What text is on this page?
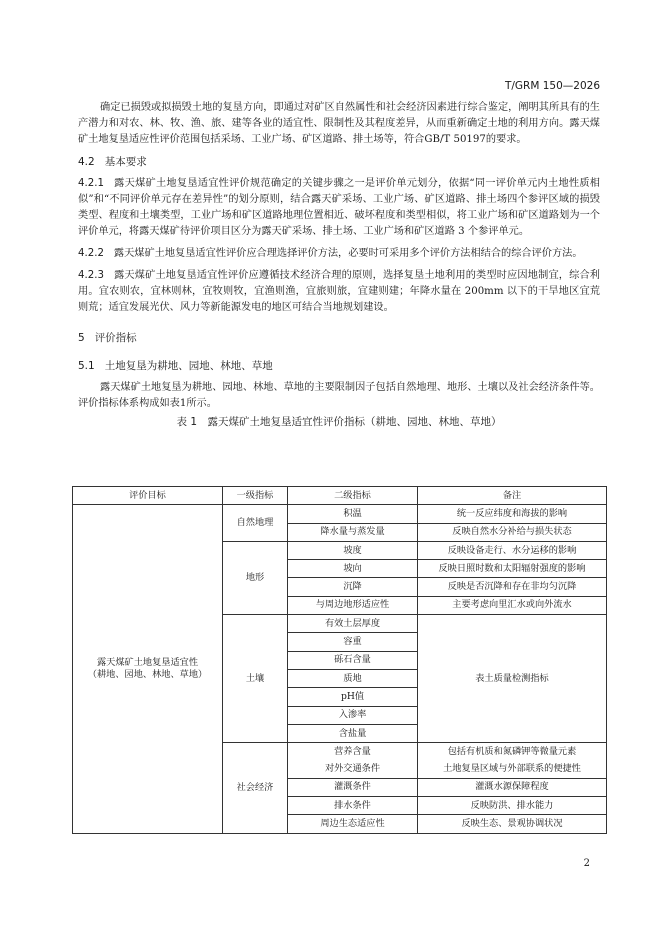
T/GRM 150—2026

确定已损毁或拟损毁土地的复垦方向，即通过对矿区自然属性和社会经济因素进行综合鉴定，阐明其所具有的生产潜力和对农、林、牧、渔、旅、建等各业的适宜性、限制性及其程度差异，从而重新确定土地的利用方向。露天煤矿土地复垦适应性评价范围包括采场、工业广场、矿区道路、排土场等，符合GB/T 50197的要求。

4.2 基本要求

4.2.1 露天煤矿土地复垦适宜性评价规范确定的关键步骤之一是评价单元划分，依据“同一评价单元内土地性质相似”和“不同评价单元存在差异性”的划分原则，结合露天矿采场、工业广场、矿区道路、排土场四个参评区域的损毁类型、程度和土壤类型，工业广场和矿区道路地理位置相近、破坏程度和类型相似，将工业广场和矿区道路划为一个评价单元，将露天煤矿待评价项目区分为露天矿采场、排土场、工业广场和矿区道路 3 个参评单元。

4.2.2 露天煤矿土地复垦适宜性评价应合理选择评价方法，必要时可采用多个评价方法相结合的综合评价方法。

4.2.3 露天煤矿土地复垦适宜性评价应遵循技术经济合理的原则，选择复垦土地利用的类型时应因地制宜，综合利用。宜农则农，宜林则林，宜牧则牧，宜渔则渔，宜旅则旅，宜建则建；年降水量在 200mm 以下的干旱地区宜荒则荒；适宜发展光伏、风力等新能源发电的地区可结合当地规划建设。

5 评价指标

5.1 土地复垦为耕地、园地、林地、草地

露天煤矿土地复垦为耕地、园地、林地、草地的主要限制因子包括自然地理、地形、土壤以及社会经济条件等。评价指标体系构成如表1所示。

表 1　露天煤矿土地复垦适宜性评价指标（耕地、园地、林地、草地）
评价目标	一级指标	二级指标	备注
露天煤矿土地复垦适宜性
（耕地、园地、林地、草地）	自然地理	积温	统一反应纬度和海拔的影响
		降水量与蒸发量	反映自然水分补给与损失状态
	地形	坡度	反映设备走行、水分运移的影响
		坡向	反映日照时数和太阳辐射强度的影响
		沉降	反映是否沉降和存在非均匀沉降
		与周边地形适应性	主要考虑向里汇水或向外流水
	土壤	有效土层厚度	表土质量检测指标
		容重	
		砾石含量	
		质地	
		pH值	
		入渗率	
		含盐量	
	社会经济	营养含量	包括有机质和氮磷钾等微量元素
		对外交通条件	土地复垦区域与外部联系的便捷性
		灌溉条件	灌溉水源保障程度
		排水条件	反映防洪、排水能力
		周边生态适应性	反映生态、景观协调状况
2
